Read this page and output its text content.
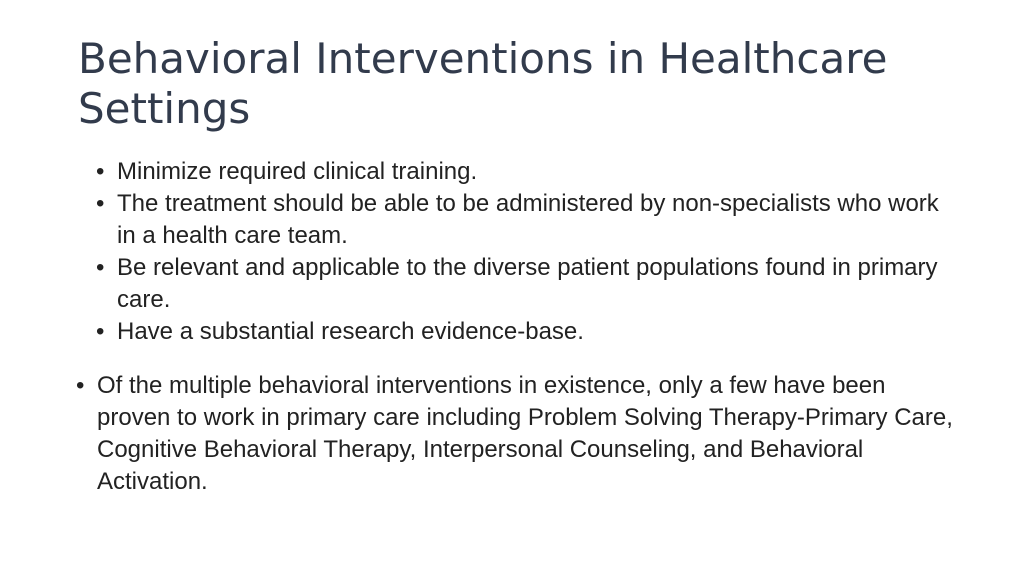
Behavioral Interventions in Healthcare Settings
• Minimize required clinical training.
• The treatment should be able to be administered by non-specialists who work in a health care team.
• Be relevant and applicable to the diverse patient populations found in primary care.
• Have a substantial research evidence-base.
• Of the multiple behavioral interventions in existence, only a few have been proven to work in primary care including Problem Solving Therapy-Primary Care, Cognitive Behavioral Therapy, Interpersonal Counseling, and Behavioral Activation.
